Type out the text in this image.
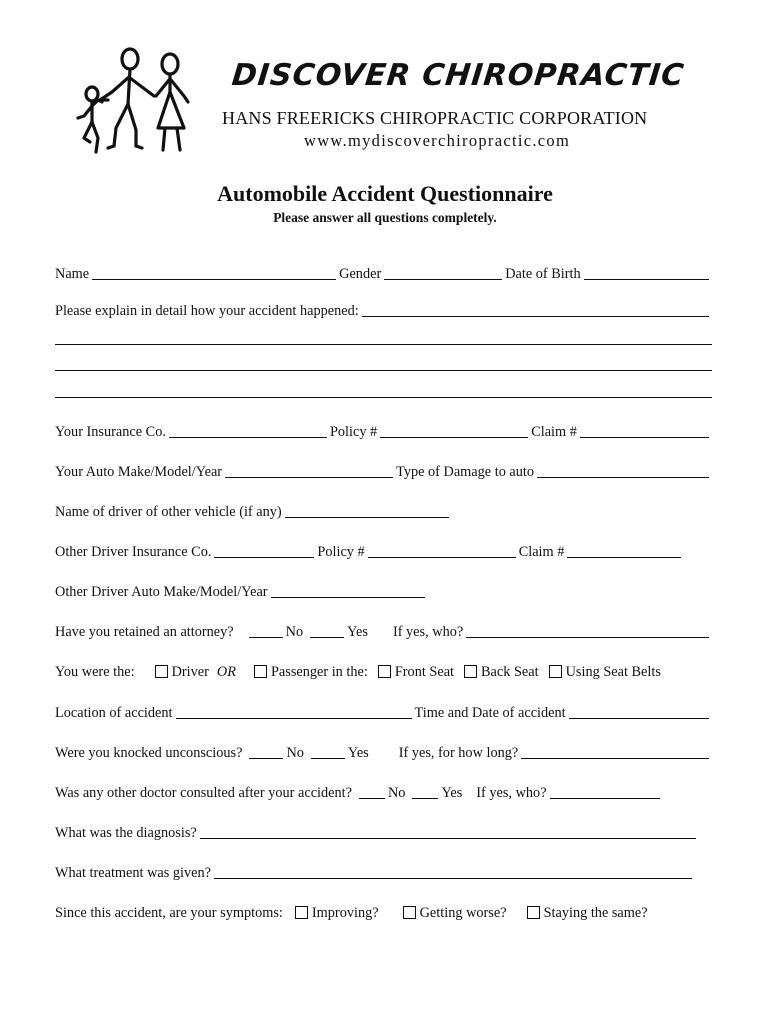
DISCOVER CHIROPRACTIC
HANS FREERICKS CHIROPRACTIC CORPORATION
www.mydiscoverchiropractic.com
Automobile Accident Questionnaire
Please answer all questions completely.
Name	Gender	Date of Birth
Please explain in detail how your accident happened:
Your Insurance Co.	Policy #	Claim #
Your Auto Make/Model/Year	Type of Damage to auto
Name of driver of other vehicle (if any)
Other Driver Insurance Co.	Policy #	Claim #
Other Driver Auto Make/Model/Year
Have you retained an attorney?	No	Yes If yes, who?
You were the:	Driver OR Passenger in the: Front Seat Back Seat Using Seat Belts
Location of accident	Time and Date of accident
Were you knocked unconscious?	No	Yes If yes, for how long?
Was any other doctor consulted after your accident?	No	Yes If yes, who?
What was the diagnosis?
What treatment was given?
Since this accident, are your symptoms: Improving?	Getting worse?	Staying the same?
